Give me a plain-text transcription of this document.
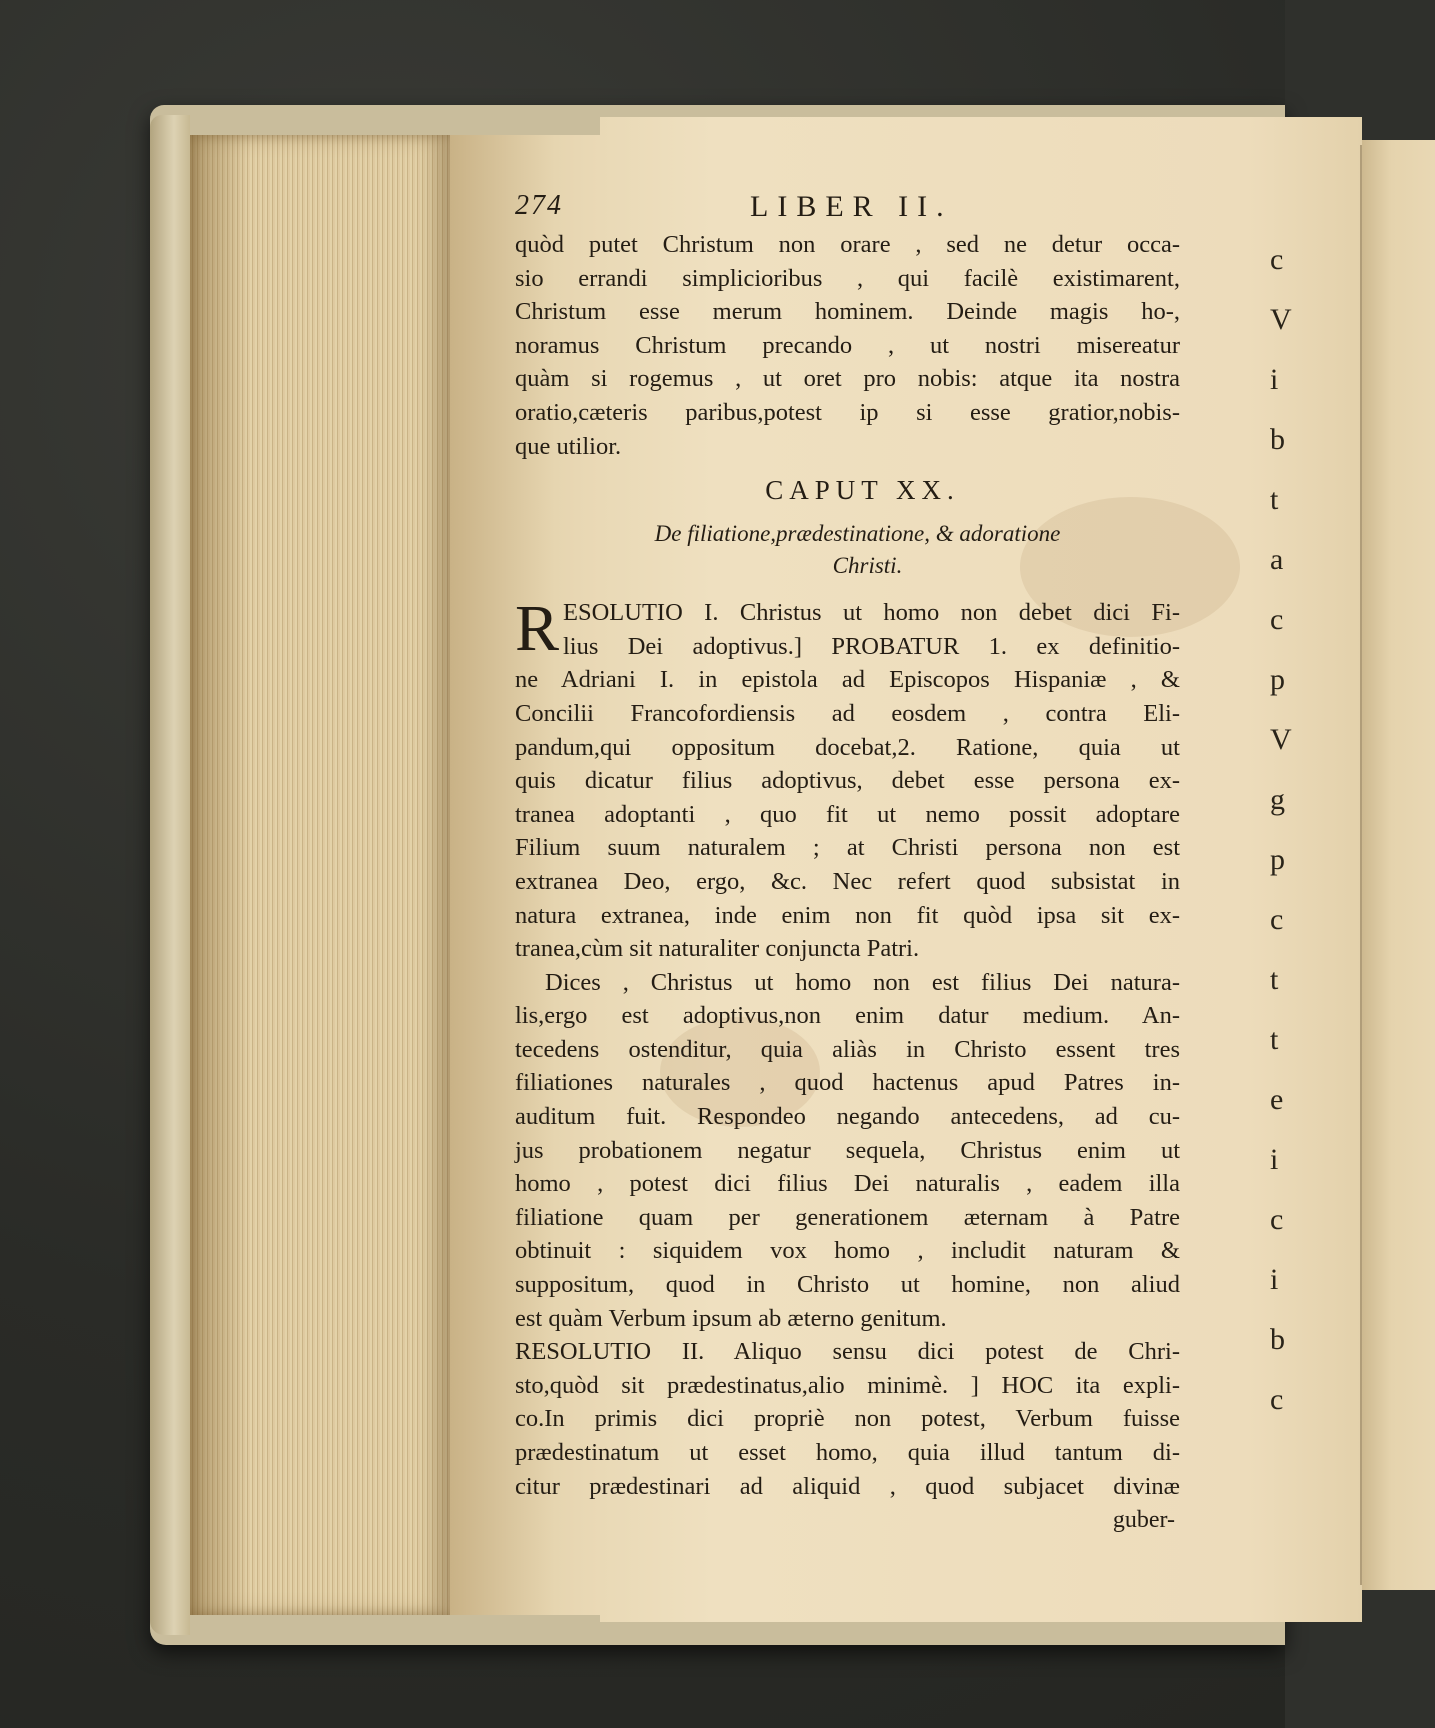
274	LIBER II.
quòd putet Christum non orare , sed ne detur occa-
sio errandi simplicioribus , qui facilè existimarent,
Christum esse merum hominem. Deinde magis ho-,
noramus Christum precando , ut nostri misereatur
quàm si rogemus , ut oret pro nobis: atque ita nostra
oratio,cæteris paribus,potest ip si esse gratior,nobis-
que utilior.
CAPUT XX.
De filiatione,prædestinatione, & adoratione
Christi.
R ESOLUTIO I. Christus ut homo non debet dici Fi-
lius Dei adoptivus.] PROBATUR 1. ex definitio-
ne Adriani I. in epistola ad Episcopos Hispaniæ , &
Concilii Francofordiensis ad eosdem , contra Eli-
pandum,qui oppositum docebat,2. Ratione, quia ut
quis dicatur filius adoptivus, debet esse persona ex-
tranea adoptanti , quo fit ut nemo possit adoptare
Filium suum naturalem ; at Christi persona non est
extranea Deo, ergo, &c. Nec refert quod subsistat in
natura extranea, inde enim non fit quòd ipsa sit ex-
tranea,cùm sit naturaliter conjuncta Patri.
Dices , Christus ut homo non est filius Dei natura-
lis,ergo est adoptivus,non enim datur medium. An-
tecedens ostenditur, quia aliàs in Christo essent tres
filiationes naturales , quod hactenus apud Patres in-
auditum fuit. Respondeo negando antecedens, ad cu-
jus probationem negatur sequela, Christus enim ut
homo , potest dici filius Dei naturalis , eadem illa
filiatione quam per generationem æternam à Patre
obtinuit : siquidem vox homo , includit naturam &
suppositum, quod in Christo ut homine, non aliud
est quàm Verbum ipsum ab æterno genitum.
RESOLUTIO II. Aliquo sensu dici potest de Chri-
sto,quòd sit prædestinatus,alio minimè. ] HOC ita expli-
co.In primis dici propriè non potest, Verbum fuisse
prædestinatum ut esset homo, quia illud tantum di-
citur prædestinari ad aliquid , quod subjacet divinæ
guber-
c
V
i
b
t
a
c
p
V
g
p
c
t
t
e
i
c
i
b
c
